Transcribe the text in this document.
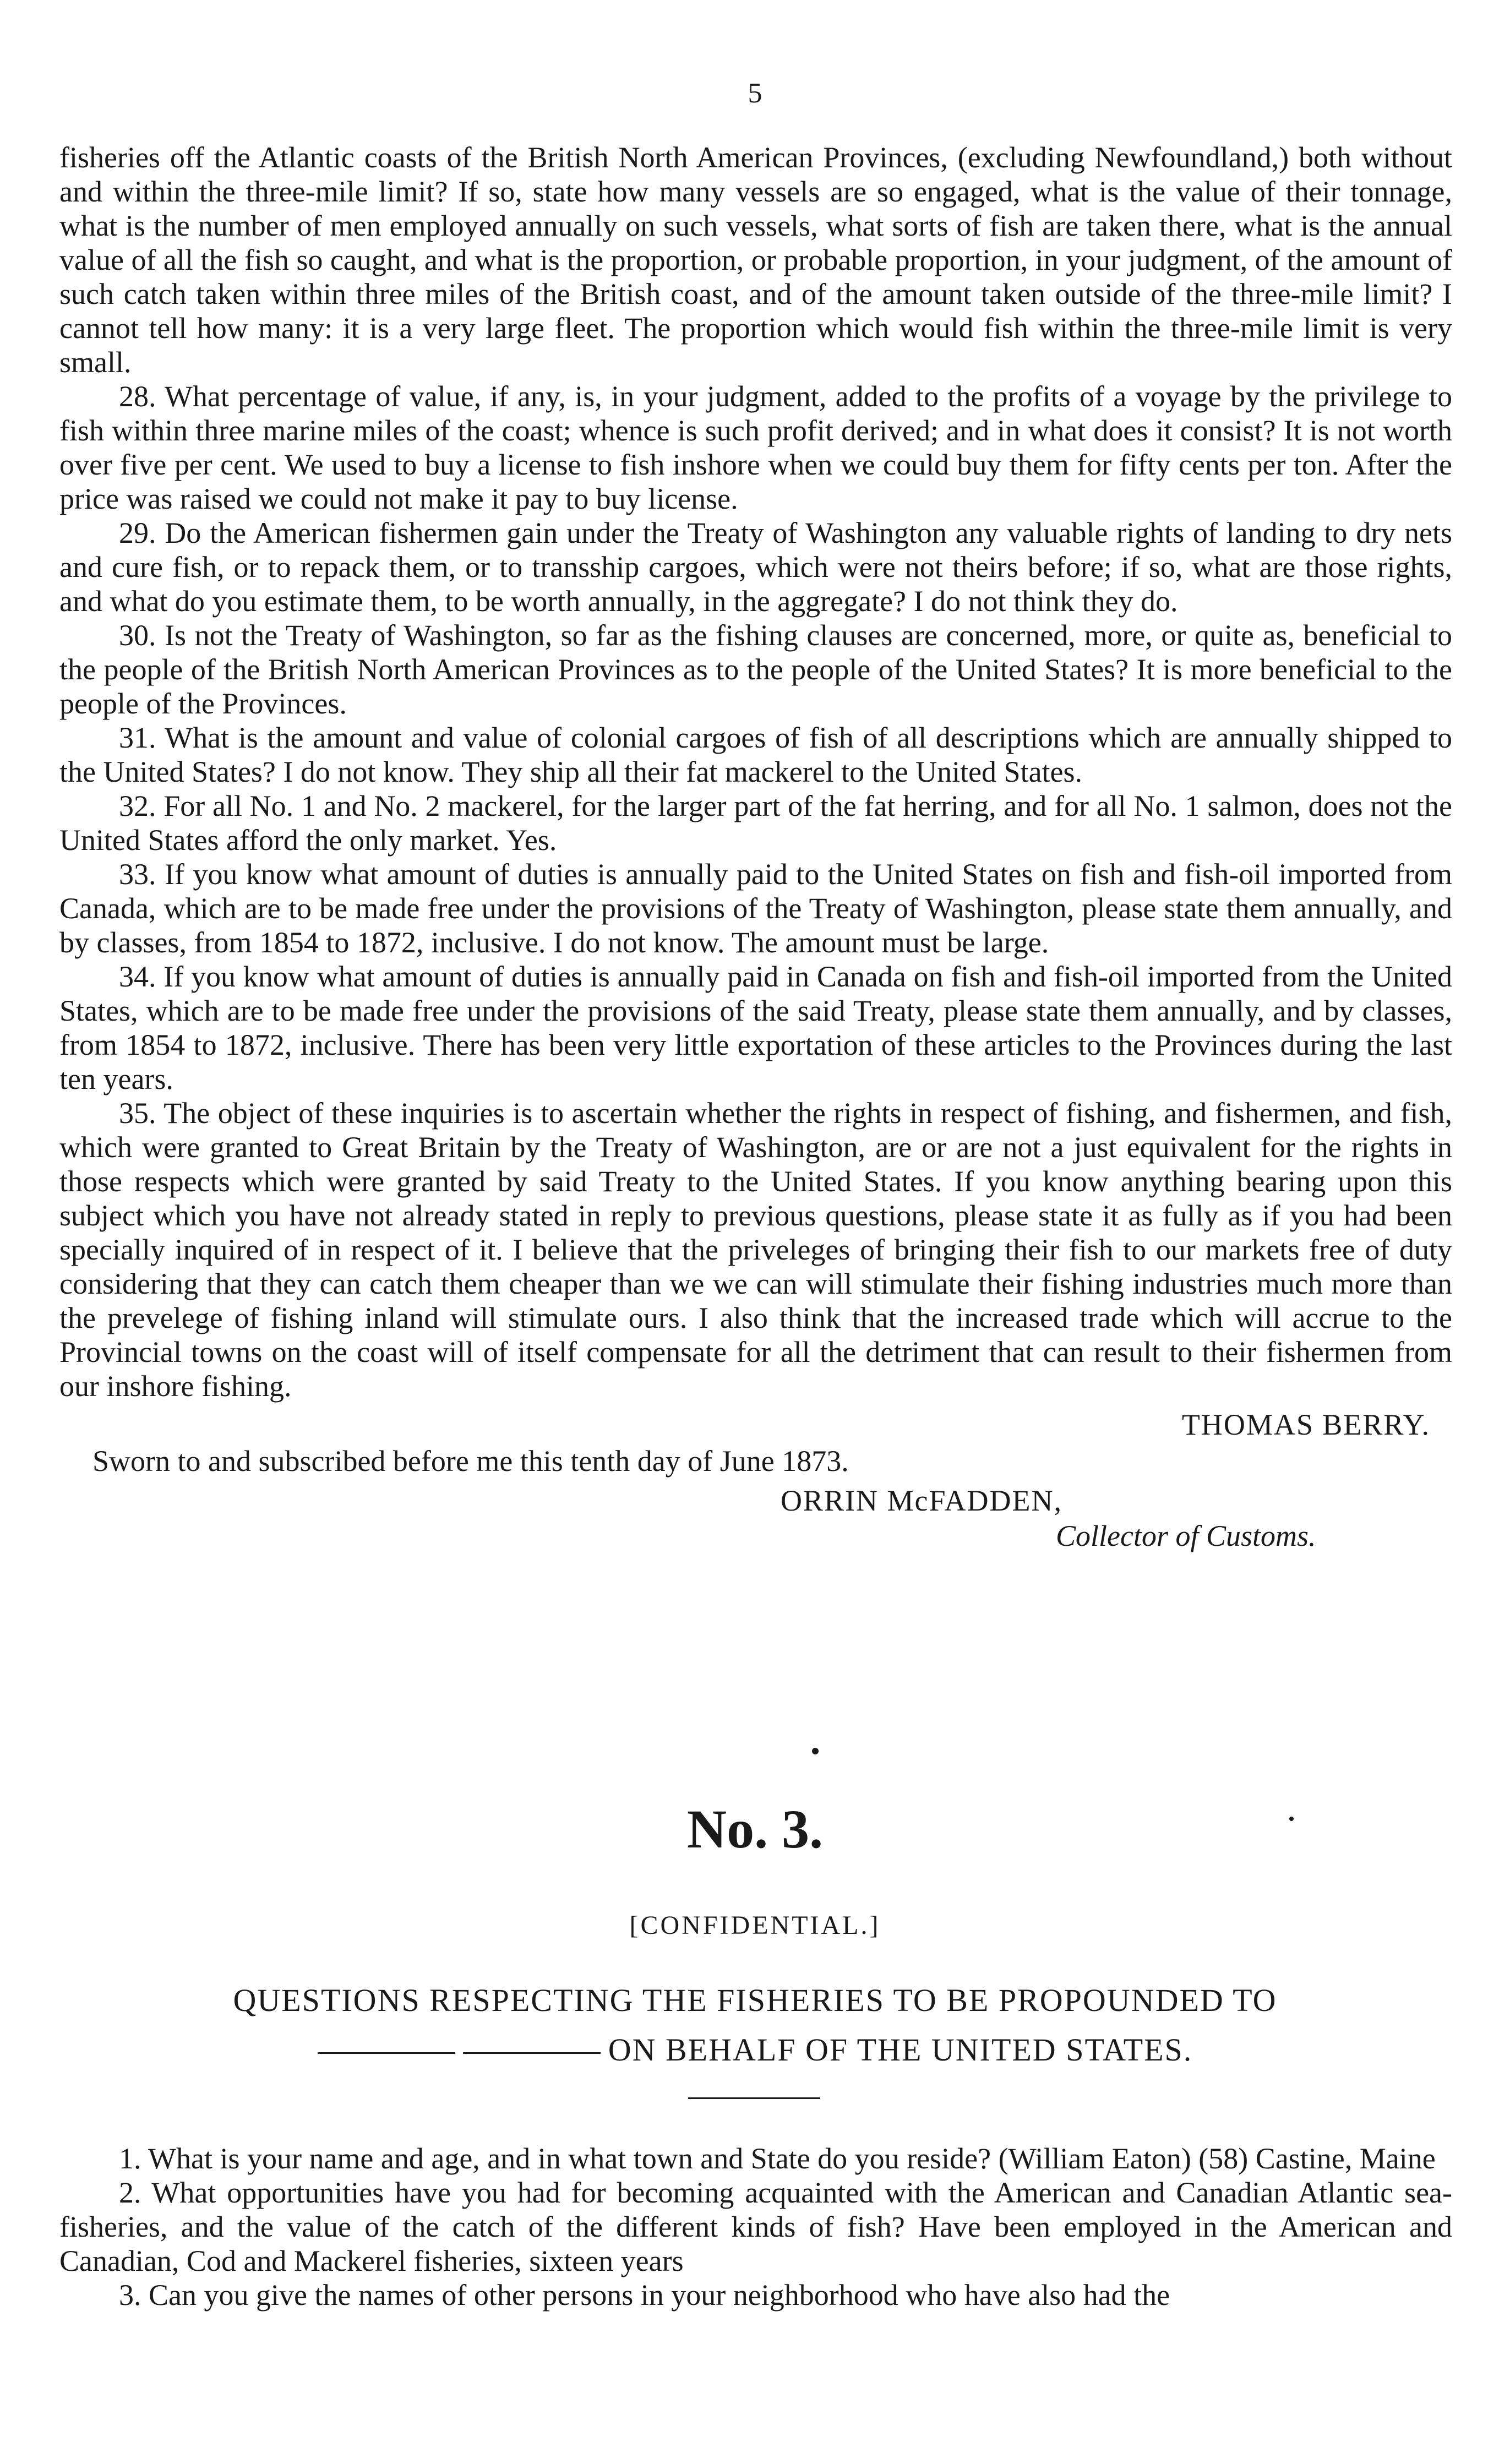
5

fisheries off the Atlantic coasts of the British North American Provinces, (excluding Newfoundland,) both without and within the three-mile limit? If so, state how many vessels are so engaged, what is the value of their tonnage, what is the number of men employed annually on such vessels, what sorts of fish are taken there, what is the annual value of all the fish so caught, and what is the proportion, or probable proportion, in your judgment, of the amount of such catch taken within three miles of the British coast, and of the amount taken outside of the three-mile limit? I cannot tell how many: it is a very large fleet. The proportion which would fish within the three-mile limit is very small.

28. What percentage of value, if any, is, in your judgment, added to the profits of a voyage by the privilege to fish within three marine miles of the coast; whence is such profit derived; and in what does it consist? It is not worth over five per cent. We used to buy a license to fish inshore when we could buy them for fifty cents per ton. After the price was raised we could not make it pay to buy license.

29. Do the American fishermen gain under the Treaty of Washington any valuable rights of landing to dry nets and cure fish, or to repack them, or to transship cargoes, which were not theirs before; if so, what are those rights, and what do you estimate them, to be worth annually, in the aggregate? I do not think they do.

30. Is not the Treaty of Washington, so far as the fishing clauses are concerned, more, or quite as, beneficial to the people of the British North American Provinces as to the people of the United States? It is more beneficial to the people of the Provinces.

31. What is the amount and value of colonial cargoes of fish of all descriptions which are annually shipped to the United States? I do not know. They ship all their fat mackerel to the United States.

32. For all No. 1 and No. 2 mackerel, for the larger part of the fat herring, and for all No. 1 salmon, does not the United States afford the only market. Yes.

33. If you know what amount of duties is annually paid to the United States on fish and fish-oil imported from Canada, which are to be made free under the provisions of the Treaty of Washington, please state them annually, and by classes, from 1854 to 1872, inclusive. I do not know. The amount must be large.

34. If you know what amount of duties is annually paid in Canada on fish and fish-oil imported from the United States, which are to be made free under the provisions of the said Treaty, please state them annually, and by classes, from 1854 to 1872, inclusive. There has been very little exportation of these articles to the Provinces during the last ten years.

35. The object of these inquiries is to ascertain whether the rights in respect of fishing, and fishermen, and fish, which were granted to Great Britain by the Treaty of Washington, are or are not a just equivalent for the rights in those respects which were granted by said Treaty to the United States. If you know anything bearing upon this subject which you have not already stated in reply to previous questions, please state it as fully as if you had been specially inquired of in respect of it. I believe that the priveleges of bringing their fish to our markets free of duty considering that they can catch them cheaper than we we can will stimulate their fishing industries much more than the prevelege of fishing inland will stimulate ours. I also think that the increased trade which will accrue to the Provincial towns on the coast will of itself compensate for all the detriment that can result to their fishermen from our inshore fishing.

THOMAS BERRY.

Sworn to and subscribed before me this tenth day of June 1873.

ORRIN McFADDEN,

Collector of Customs.

No. 3.
[CONFIDENTIAL.]
QUESTIONS RESPECTING THE FISHERIES TO BE PROPOUNDED TO
ON BEHALF OF THE UNITED STATES.

1. What is your name and age, and in what town and State do you reside? (William Eaton) (58) Castine, Maine

2. What opportunities have you had for becoming acquainted with the American and Canadian Atlantic sea-fisheries, and the value of the catch of the different kinds of fish? Have been employed in the American and Canadian, Cod and Mackerel fisheries, sixteen years

3. Can you give the names of other persons in your neighborhood who have also had the
